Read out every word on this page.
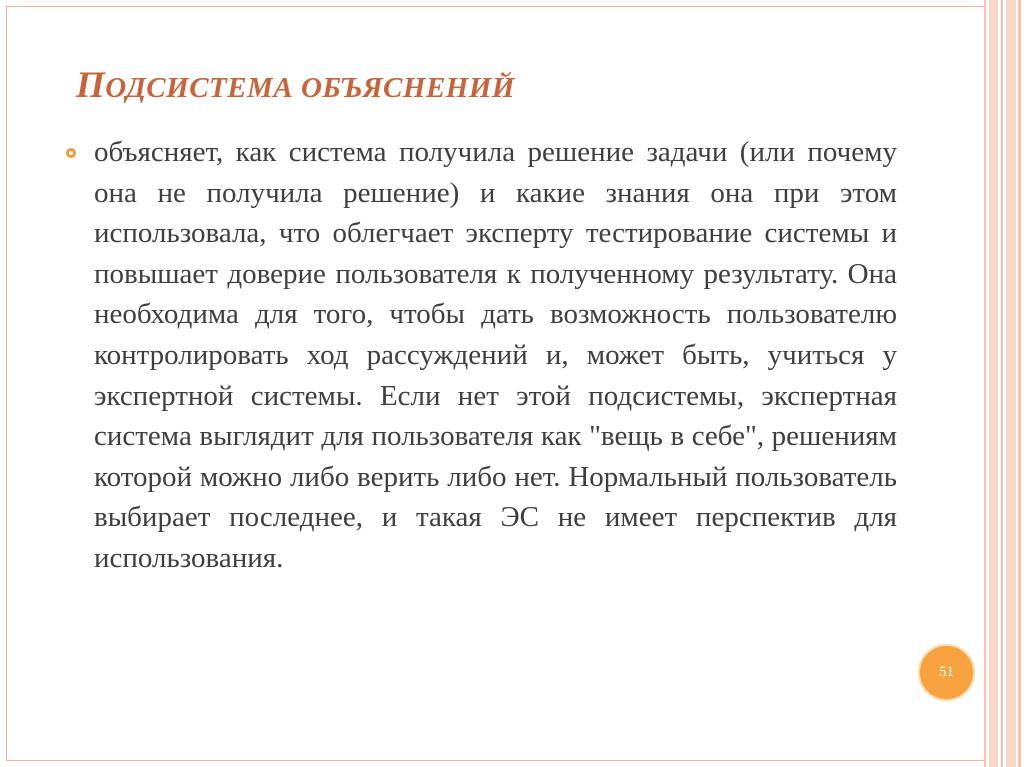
ПОДСИСТЕМА ОБЪЯСНЕНИЙ

объясняет, как система получила решение задачи (или почему она не получила решение) и какие знания она при этом использовала, что облегчает эксперту тестирование системы и повышает доверие пользователя к полученному результату. Она необходима для того, чтобы дать возможность пользователю контролировать ход рассуждений и, может быть, учиться у экспертной системы. Если нет этой подсистемы, экспертная система выглядит для пользователя как "вещь в себе", решениям которой можно либо верить либо нет. Нормальный пользователь выбирает последнее, и такая ЭС не имеет перспектив для использования.

51
